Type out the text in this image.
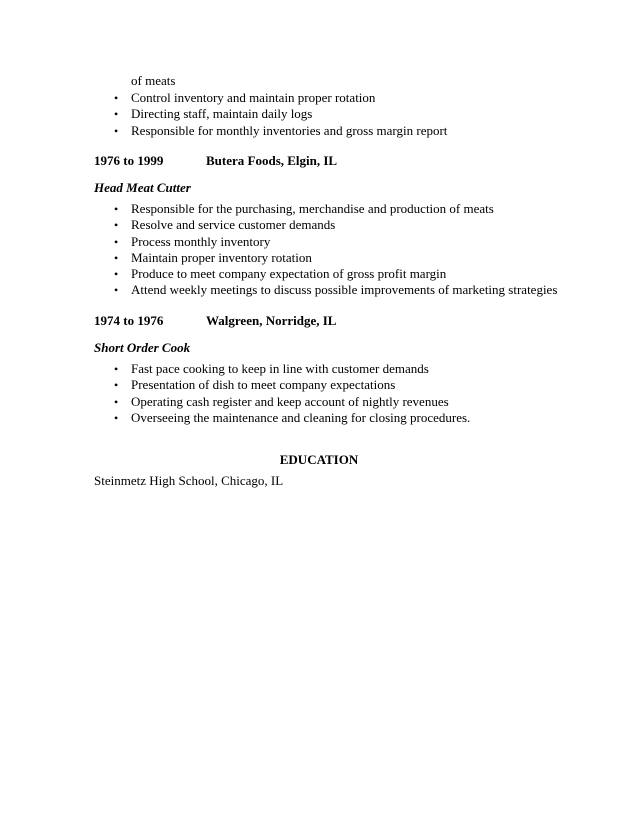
of meats
• Control inventory and maintain proper rotation
• Directing staff, maintain daily logs
• Responsible for monthly inventories and gross margin report
1976 to 1999	Butera Foods, Elgin, IL
Head Meat Cutter
• Responsible for the purchasing, merchandise and production of meats
• Resolve and service customer demands
• Process monthly inventory
• Maintain proper inventory rotation
• Produce to meet company expectation of gross profit margin
• Attend weekly meetings to discuss possible improvements of marketing strategies
1974 to 1976	Walgreen, Norridge, IL
Short Order Cook
• Fast pace cooking to keep in line with customer demands
• Presentation of dish to meet company expectations
• Operating cash register and keep account of nightly revenues
• Overseeing the maintenance and cleaning for closing procedures.
EDUCATION
Steinmetz High School, Chicago, IL
